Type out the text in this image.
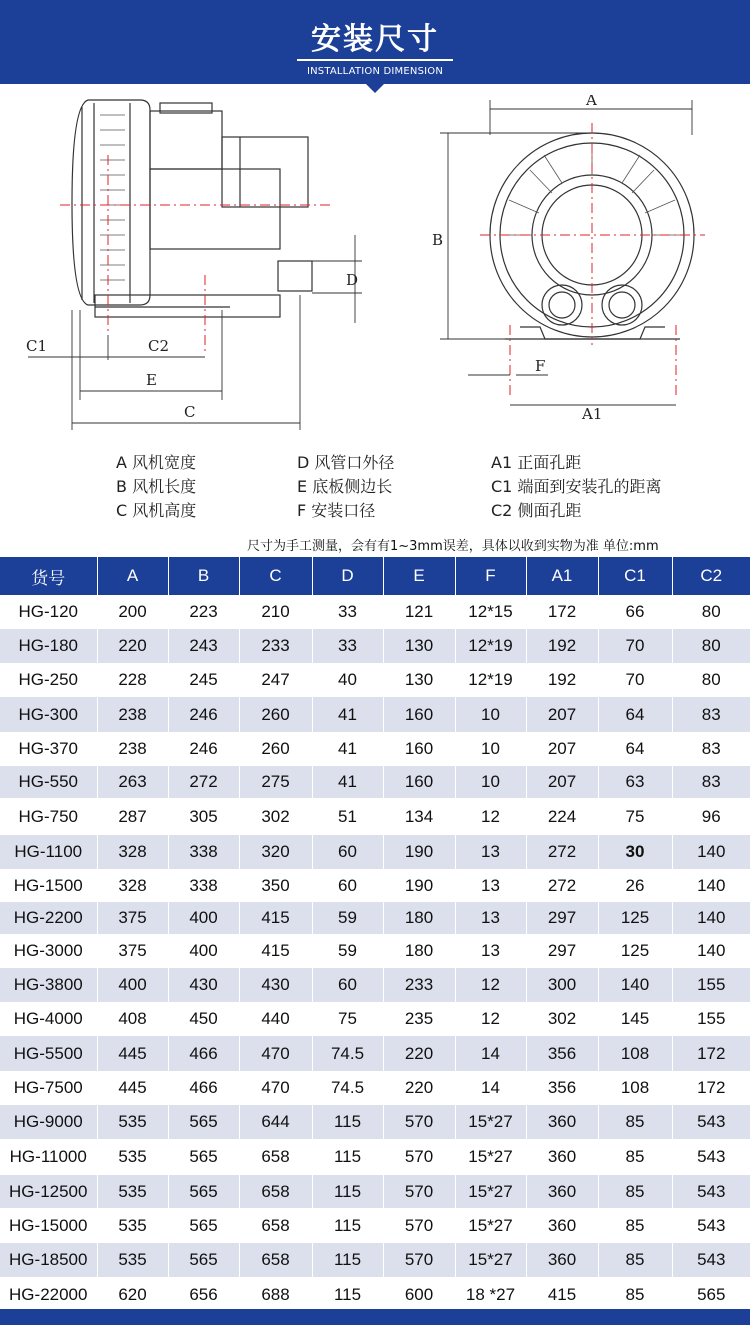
安装尺寸
INSTALLATION DIMENSION
D
C1	C2
E
C
A
B
F
A1
A 风机宽度
B 风机长度
C 风机高度
D 风管口外径
E 底板侧边长
F 安装口径
A1 正面孔距
C1 端面到安装孔的距离
C2 侧面孔距
尺寸为手工测量，会有有1~3mm误差，具体以收到实物为准 单位:mm
货号	A	B	C	D	E	F	A1	C1	C2
HG-120	200	223	210	33	121	12*15	172	66	80
HG-180	220	243	233	33	130	12*19	192	70	80
HG-250	228	245	247	40	130	12*19	192	70	80
HG-300	238	246	260	41	160	10	207	64	83
HG-370	238	246	260	41	160	10	207	64	83
HG-550	263	272	275	41	160	10	207	63	83
HG-750	287	305	302	51	134	12	224	75	96
HG-1100	328	338	320	60	190	13	272	30	140
HG-1500	328	338	350	60	190	13	272	26	140
HG-2200	375	400	415	59	180	13	297	125	140
HG-3000	375	400	415	59	180	13	297	125	140
HG-3800	400	430	430	60	233	12	300	140	155
HG-4000	408	450	440	75	235	12	302	145	155
HG-5500	445	466	470	74.5	220	14	356	108	172
HG-7500	445	466	470	74.5	220	14	356	108	172
HG-9000	535	565	644	115	570	15*27	360	85	543
HG-11000	535	565	658	115	570	15*27	360	85	543
HG-12500	535	565	658	115	570	15*27	360	85	543
HG-15000	535	565	658	115	570	15*27	360	85	543
HG-18500	535	565	658	115	570	15*27	360	85	543
HG-22000	620	656	688	115	600	18 *27	415	85	565
